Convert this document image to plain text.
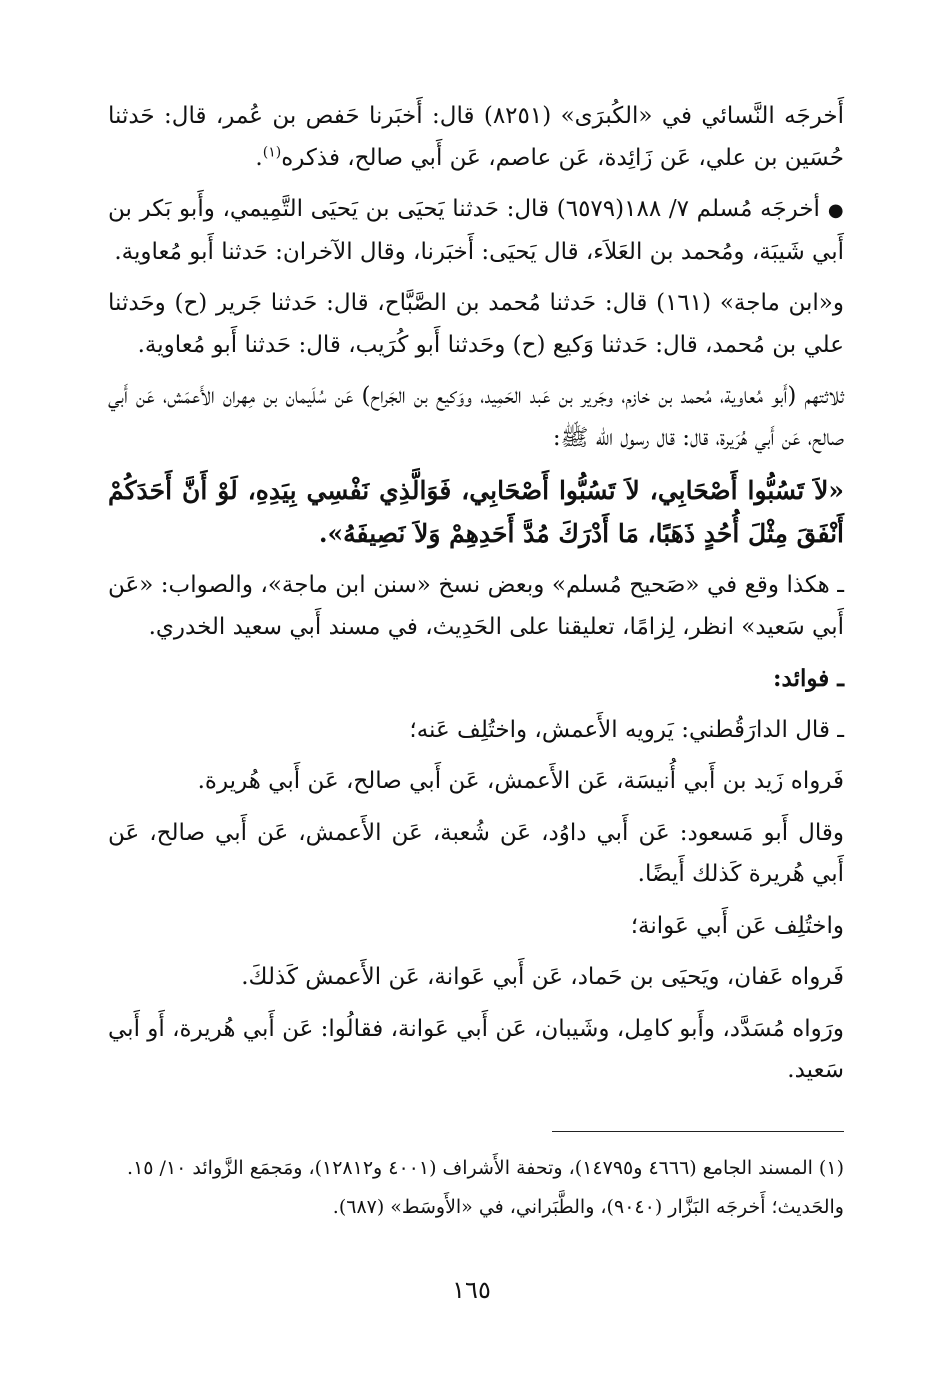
أَخرجَه النَّسائي في «الكُبرَى» (٨٢٥١) قال: أَخبَرنا حَفص بن عُمر، قال: حَدثنا حُسَين بن علي، عَن زَائِدة، عَن عاصم، عَن أَبي صالح، فذكره$^{(١)}$.

●أخرجَه مُسلم ٧/ ١٨٨(٦٥٧٩) قال: حَدثنا يَحيَى بن يَحيَى التَّمِيمي، وأَبو بَكر بن أَبي شَيبَة، ومُحمد بن العَلاَء، قال يَحيَى: أَخبَرنا، وقال الآخران: حَدثنا أَبو مُعاوية.

و«ابن ماجة» (١٦١) قال: حَدثنا مُحمد بن الصَّبَّاح، قال: حَدثنا جَرير (ح) وحَدثنا علي بن مُحمد، قال: حَدثنا وَكيع (ح) وحَدثنا أَبو كُرَيب، قال: حَدثنا أَبو مُعاوية.

ثلاثتهم (أَبو مُعاوية، مُحمد بن خازم، وجَرير بن عَبد الحَمِيد، ووَكيع بن الجَراح) عَن سُلَيمان بن مِهران الأَعمَش، عَن أَبي صالح، عَن أَبي هُرَيرة، قال: قال رسول الله ﷺ:

«لاَ تَسُبُّوا أَصْحَابِي، لاَ تَسُبُّوا أَصْحَابِي، فَوَالَّذِي نَفْسِي بِيَدِهِ، لَوْ أَنَّ أَحَدَكُمْ أَنْفَقَ مِثْلَ أُحُدٍ ذَهَبًا، مَا أَدْرَكَ مُدَّ أَحَدِهِمْ وَلاَ نَصِيفَهُ».

ـ هكذا وقع في «صَحيح مُسلم» وبعض نسخ «سنن ابن ماجة»، والصواب: «عَن أَبي سَعيد» انظر، لِزامًا، تعليقنا على الحَدِيث، في مسند أَبي سعيد الخدري.

ـ فوائد:

ـ قال الدارَقُطني: يَرويه الأَعمش، واختُلِف عَنه؛

فَرواه زَيد بن أَبي أُنيسَة، عَن الأَعمش، عَن أَبي صالح، عَن أَبي هُريرة.

وقال أَبو مَسعود: عَن أَبي داوُد، عَن شُعبة، عَن الأَعمش، عَن أَبي صالح، عَن أَبي هُريرة كَذلك أَيضًا.

واختُلِف عَن أَبي عَوانة؛

فَرواه عَفان، ويَحيَى بن حَماد، عَن أَبي عَوانة، عَن الأَعمش كَذلكَ.

ورَواه مُسَدَّد، وأَبو كامِل، وشَيبان، عَن أَبي عَوانة، فقالُوا: عَن أَبي هُريرة، أَو أَبي سَعيد.

(١) المسند الجامع (٤٦٦٦ و١٤٧٩٥)، وتحفة الأَشراف (٤٠٠١ و١٢٨١٢)، ومَجمَع الزَّوائد ١٠/ ١٥.

والحَديث؛ أَخرجَه البَزَّار (٩٠٤٠)، والطَّبَراني، في «الأَوسَط» (٦٨٧).

١٦٥
